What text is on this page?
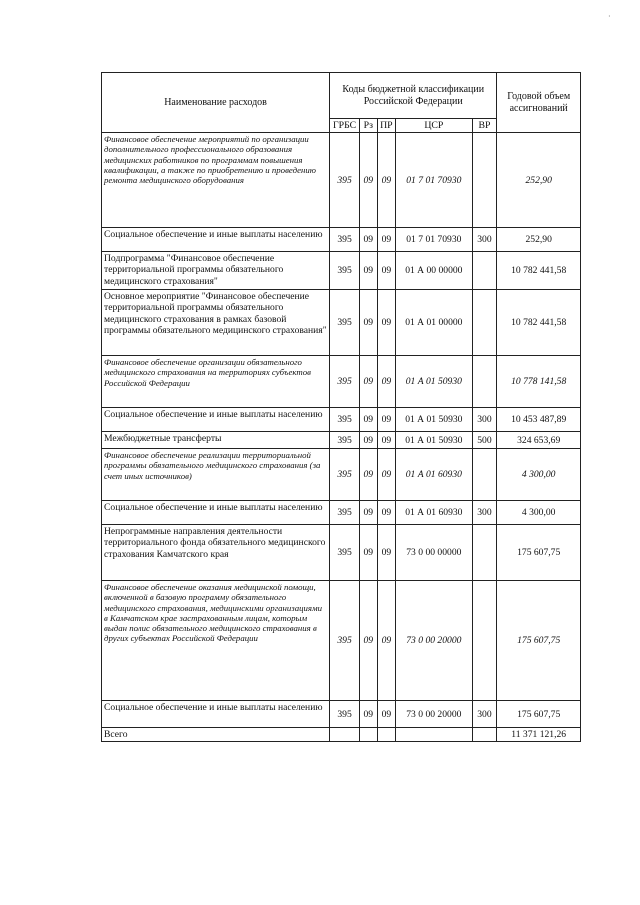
·
Наименование расходов	Коды бюджетной классификации Российской Федерации					Годовой объем ассигнований
	ГРБС	Рз	ПР	ЦСР	ВР	
Финансовое обеспечение мероприятий по организации дополнительного профессионального образования медицинских работников по программам повышения квалификации, а также по приобретению и проведению ремонта медицинского оборудования	395	09	09	01 7 01 70930		252,90
Социальное обеспечение и иные выплаты населению	395	09	09	01 7 01 70930	300	252,90
Подпрограмма "Финансовое обеспечение территориальной программы обязательного медицинского страхования"	395	09	09	01 А 00 00000		10 782 441,58
Основное мероприятие "Финансовое обеспечение территориальной программы обязательного медицинского страхования в рамках базовой программы обязательного медицинского страхования"	395	09	09	01 А 01 00000		10 782 441,58
Финансовое обеспечение организации обязательного медицинского страхования на территориях субъектов Российской Федерации	395	09	09	01 А 01 50930		10 778 141,58
Социальное обеспечение и иные выплаты населению	395	09	09	01 А 01 50930	300	10 453 487,89
Межбюджетные трансферты	395	09	09	01 А 01 50930	500	324 653,69
Финансовое обеспечение реализации территориальной программы обязательного медицинского страхования (за счет иных источников)	395	09	09	01 А 01 60930		4 300,00
Социальное обеспечение и иные выплаты населению	395	09	09	01 А 01 60930	300	4 300,00
Непрограммные направления деятельности территориального фонда обязательного медицинского страхования Камчатского края	395	09	09	73 0 00 00000		175 607,75
Финансовое обеспечение оказания медицинской помощи, включенной в базовую программу обязательного медицинского страхования, медицинскими организациями в Камчатском крае застрахованным лицам, которым выдан полис обязательного медицинского страхования в других субъектах Российской Федерации	395	09	09	73 0 00 20000		175 607,75
Социальное обеспечение и иные выплаты населению	395	09	09	73 0 00 20000	300	175 607,75
Всего						11 371 121,26
